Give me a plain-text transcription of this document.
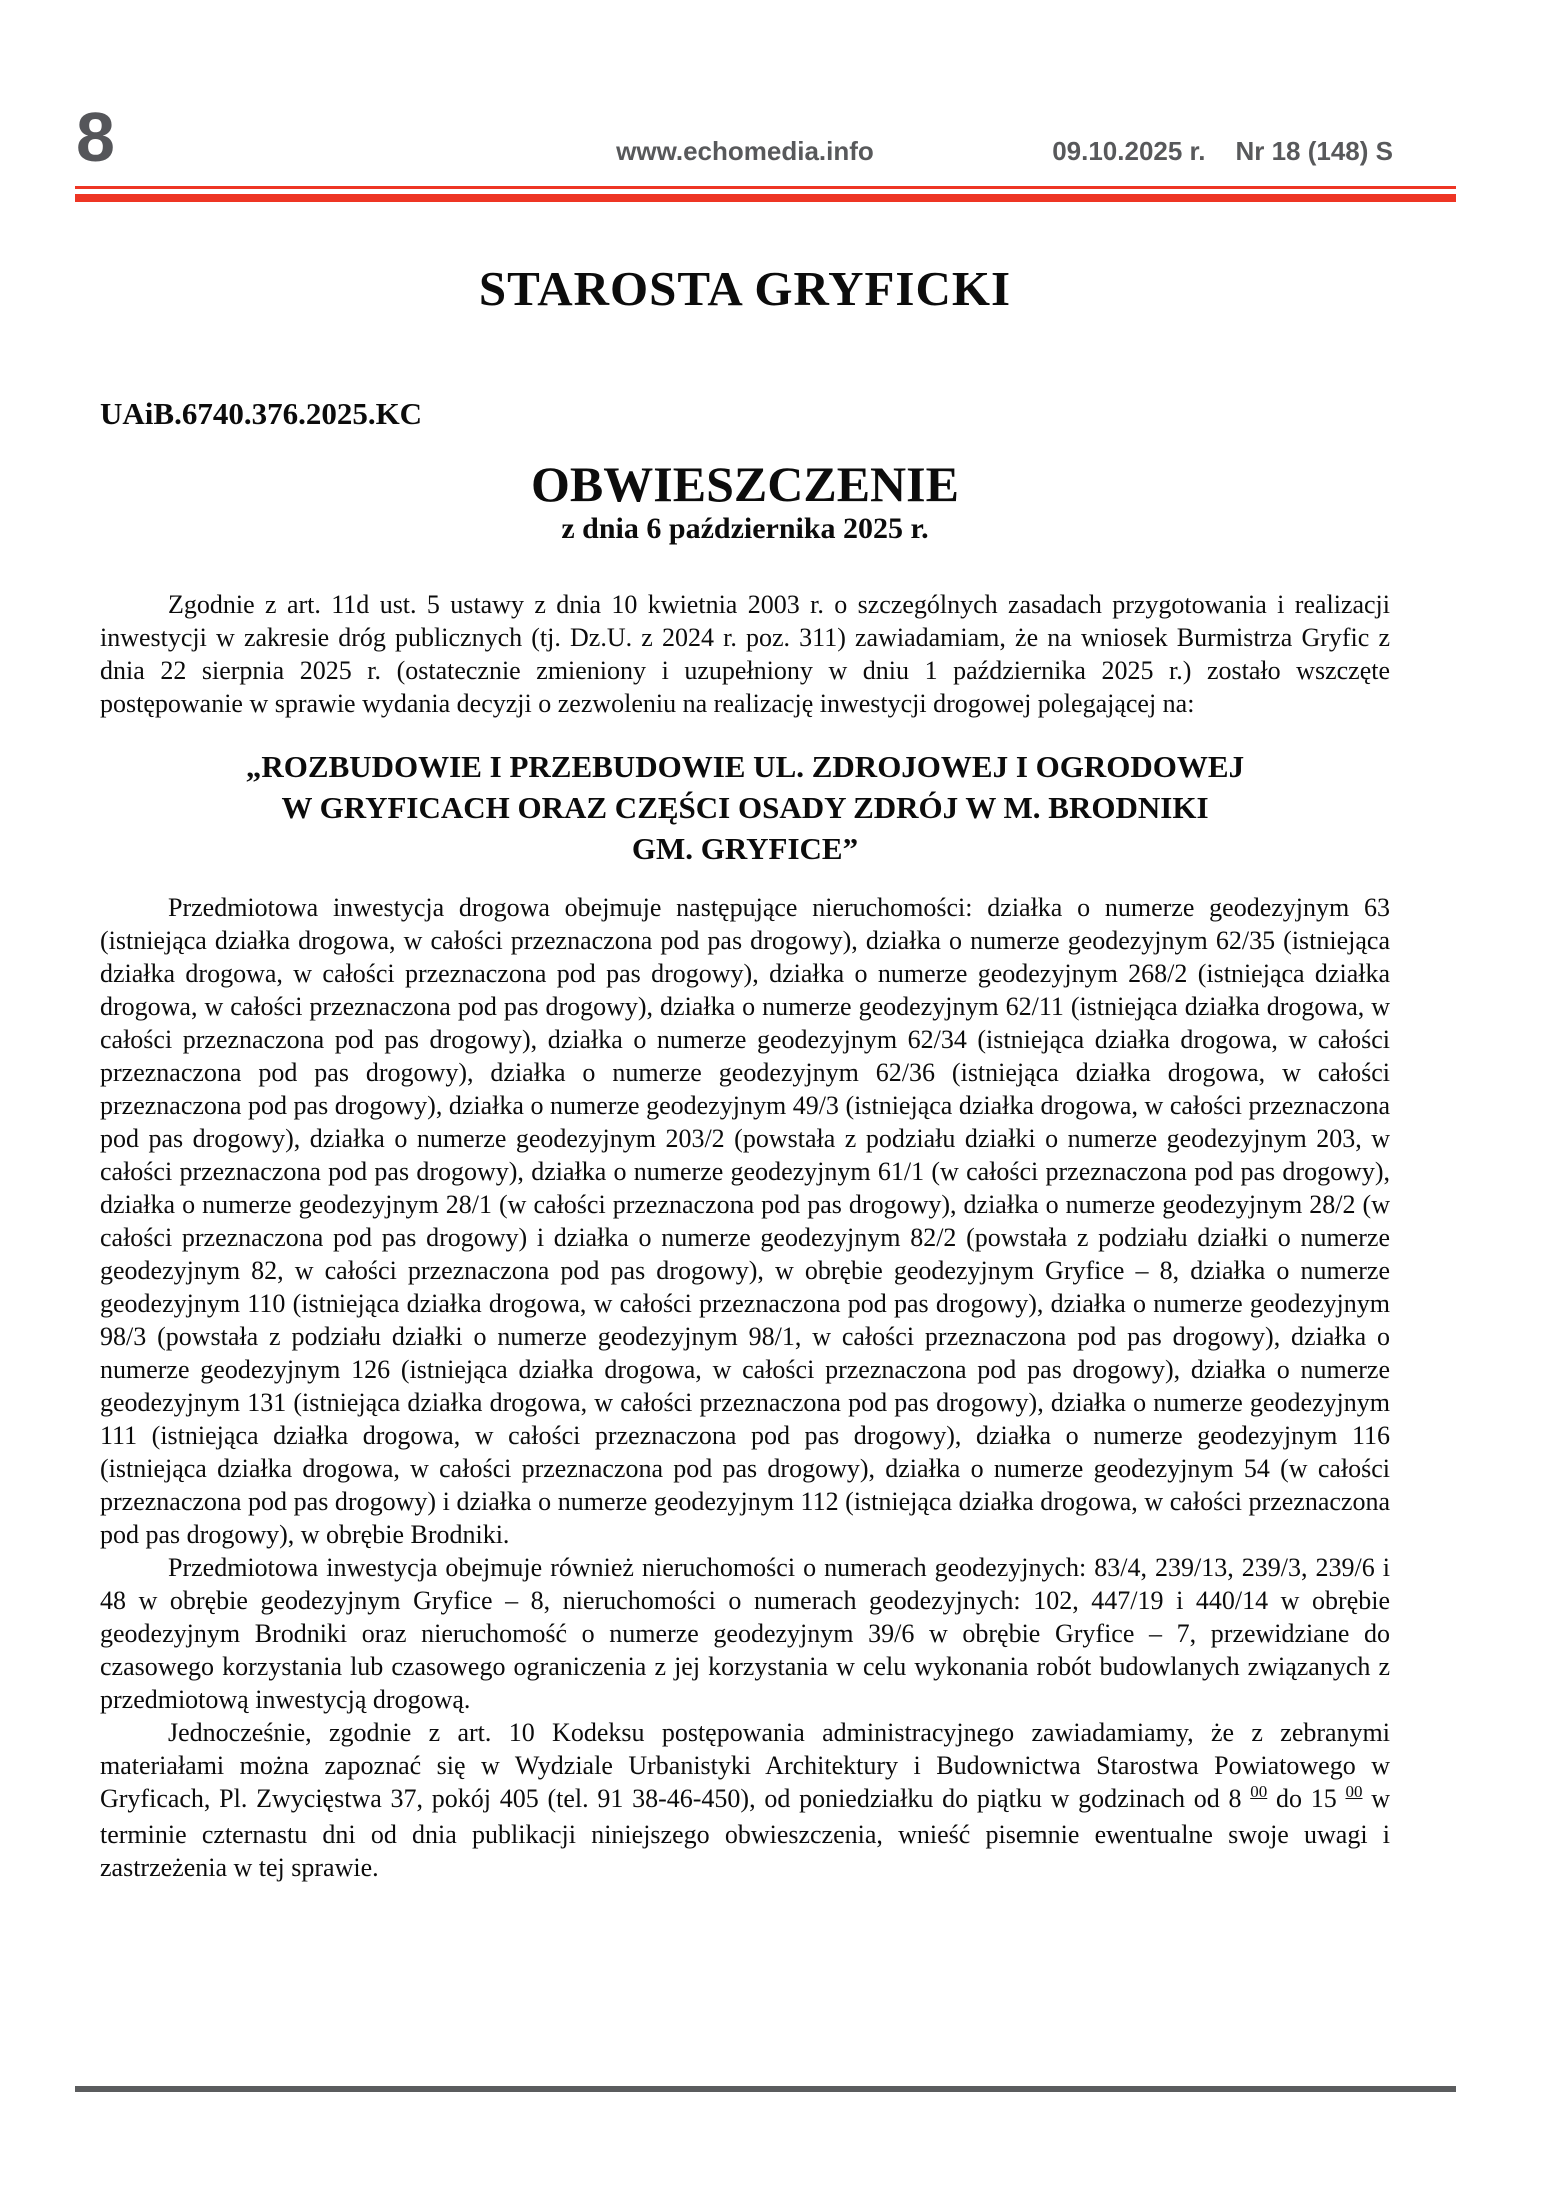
8	www.echomedia.info	09.10.2025 r. Nr 18 (148) S
STAROSTA GRYFICKI

UAiB.6740.376.2025.KC

OBWIESZCZENIE

z dnia 6 października 2025 r.

Zgodnie z art. 11d ust. 5 ustawy z dnia 10 kwietnia 2003 r. o szczególnych zasadach przygotowania i realizacji inwestycji w zakresie dróg publicznych (tj. Dz.U. z 2024 r. poz. 311) zawiadamiam, że na wniosek Burmistrza Gryfic z dnia 22 sierpnia 2025 r. (ostatecznie zmieniony i uzupełniony w dniu 1 października 2025 r.) zostało wszczęte postępowanie w sprawie wydania decyzji o zezwoleniu na realizację inwestycji drogowej polegającej na:

„ROZBUDOWIE I PRZEBUDOWIE UL. ZDROJOWEJ I OGRODOWEJ
W GRYFICACH ORAZ CZĘŚCI OSADY ZDRÓJ W M. BRODNIKI
GM. GRYFICE”

Przedmiotowa inwestycja drogowa obejmuje następujące nieruchomości: działka o numerze geodezyjnym 63 (istniejąca działka drogowa, w całości przeznaczona pod pas drogowy), działka o numerze geodezyjnym 62/35 (istniejąca działka drogowa, w całości przeznaczona pod pas drogowy), działka o numerze geodezyjnym 268/2 (istniejąca działka drogowa, w całości przeznaczona pod pas drogowy), działka o numerze geodezyjnym 62/11 (istniejąca działka drogowa, w całości przeznaczona pod pas drogowy), działka o numerze geodezyjnym 62/34 (istniejąca działka drogowa, w całości przeznaczona pod pas drogowy), działka o numerze geodezyjnym 62/36 (istniejąca działka drogowa, w całości przeznaczona pod pas drogowy), działka o numerze geodezyjnym 49/3 (istniejąca działka drogowa, w całości przeznaczona pod pas drogowy), działka o numerze geodezyjnym 203/2 (powstała z podziału działki o numerze geodezyjnym 203, w całości przeznaczona pod pas drogowy), działka o numerze geodezyjnym 61/1 (w całości przeznaczona pod pas drogowy), działka o numerze geodezyjnym 28/1 (w całości przeznaczona pod pas drogowy), działka o numerze geodezyjnym 28/2 (w całości przeznaczona pod pas drogowy) i działka o numerze geodezyjnym 82/2 (powstała z podziału działki o numerze geodezyjnym 82, w całości przeznaczona pod pas drogowy), w obrębie geodezyjnym Gryfice – 8, działka o numerze geodezyjnym 110 (istniejąca działka drogowa, w całości przeznaczona pod pas drogowy), działka o numerze geodezyjnym 98/3 (powstała z podziału działki o numerze geodezyjnym 98/1, w całości przeznaczona pod pas drogowy), działka o numerze geodezyjnym 126 (istniejąca działka drogowa, w całości przeznaczona pod pas drogowy), działka o numerze geodezyjnym 131 (istniejąca działka drogowa, w całości przeznaczona pod pas drogowy), działka o numerze geodezyjnym 111 (istniejąca działka drogowa, w całości przeznaczona pod pas drogowy), działka o numerze geodezyjnym 116 (istniejąca działka drogowa, w całości przeznaczona pod pas drogowy), działka o numerze geodezyjnym 54 (w całości przeznaczona pod pas drogowy) i działka o numerze geodezyjnym 112 (istniejąca działka drogowa, w całości przeznaczona pod pas drogowy), w obrębie Brodniki.

Przedmiotowa inwestycja obejmuje również nieruchomości o numerach geodezyjnych: 83/4, 239/13, 239/3, 239/6 i 48 w obrębie geodezyjnym Gryfice – 8, nieruchomości o numerach geodezyjnych: 102, 447/19 i 440/14 w obrębie geodezyjnym Brodniki oraz nieruchomość o numerze geodezyjnym 39/6 w obrębie Gryfice – 7, przewidziane do czasowego korzystania lub czasowego ograniczenia z jej korzystania w celu wykonania robót budowlanych związanych z przedmiotową inwestycją drogową.

Jednocześnie, zgodnie z art. 10 Kodeksu postępowania administracyjnego zawiadamiamy, że z zebranymi materiałami można zapoznać się w Wydziale Urbanistyki Architektury i Budownictwa Starostwa Powiatowego w Gryficach, Pl. Zwycięstwa 37, pokój 405 (tel. 91 38-46-450), od poniedziałku do piątku w godzinach od 8 $^{00}$ do 15 $^{00}$ w terminie czternastu dni od dnia publikacji niniejszego obwieszczenia, wnieść pisemnie ewentualne swoje uwagi i zastrzeżenia w tej sprawie.
